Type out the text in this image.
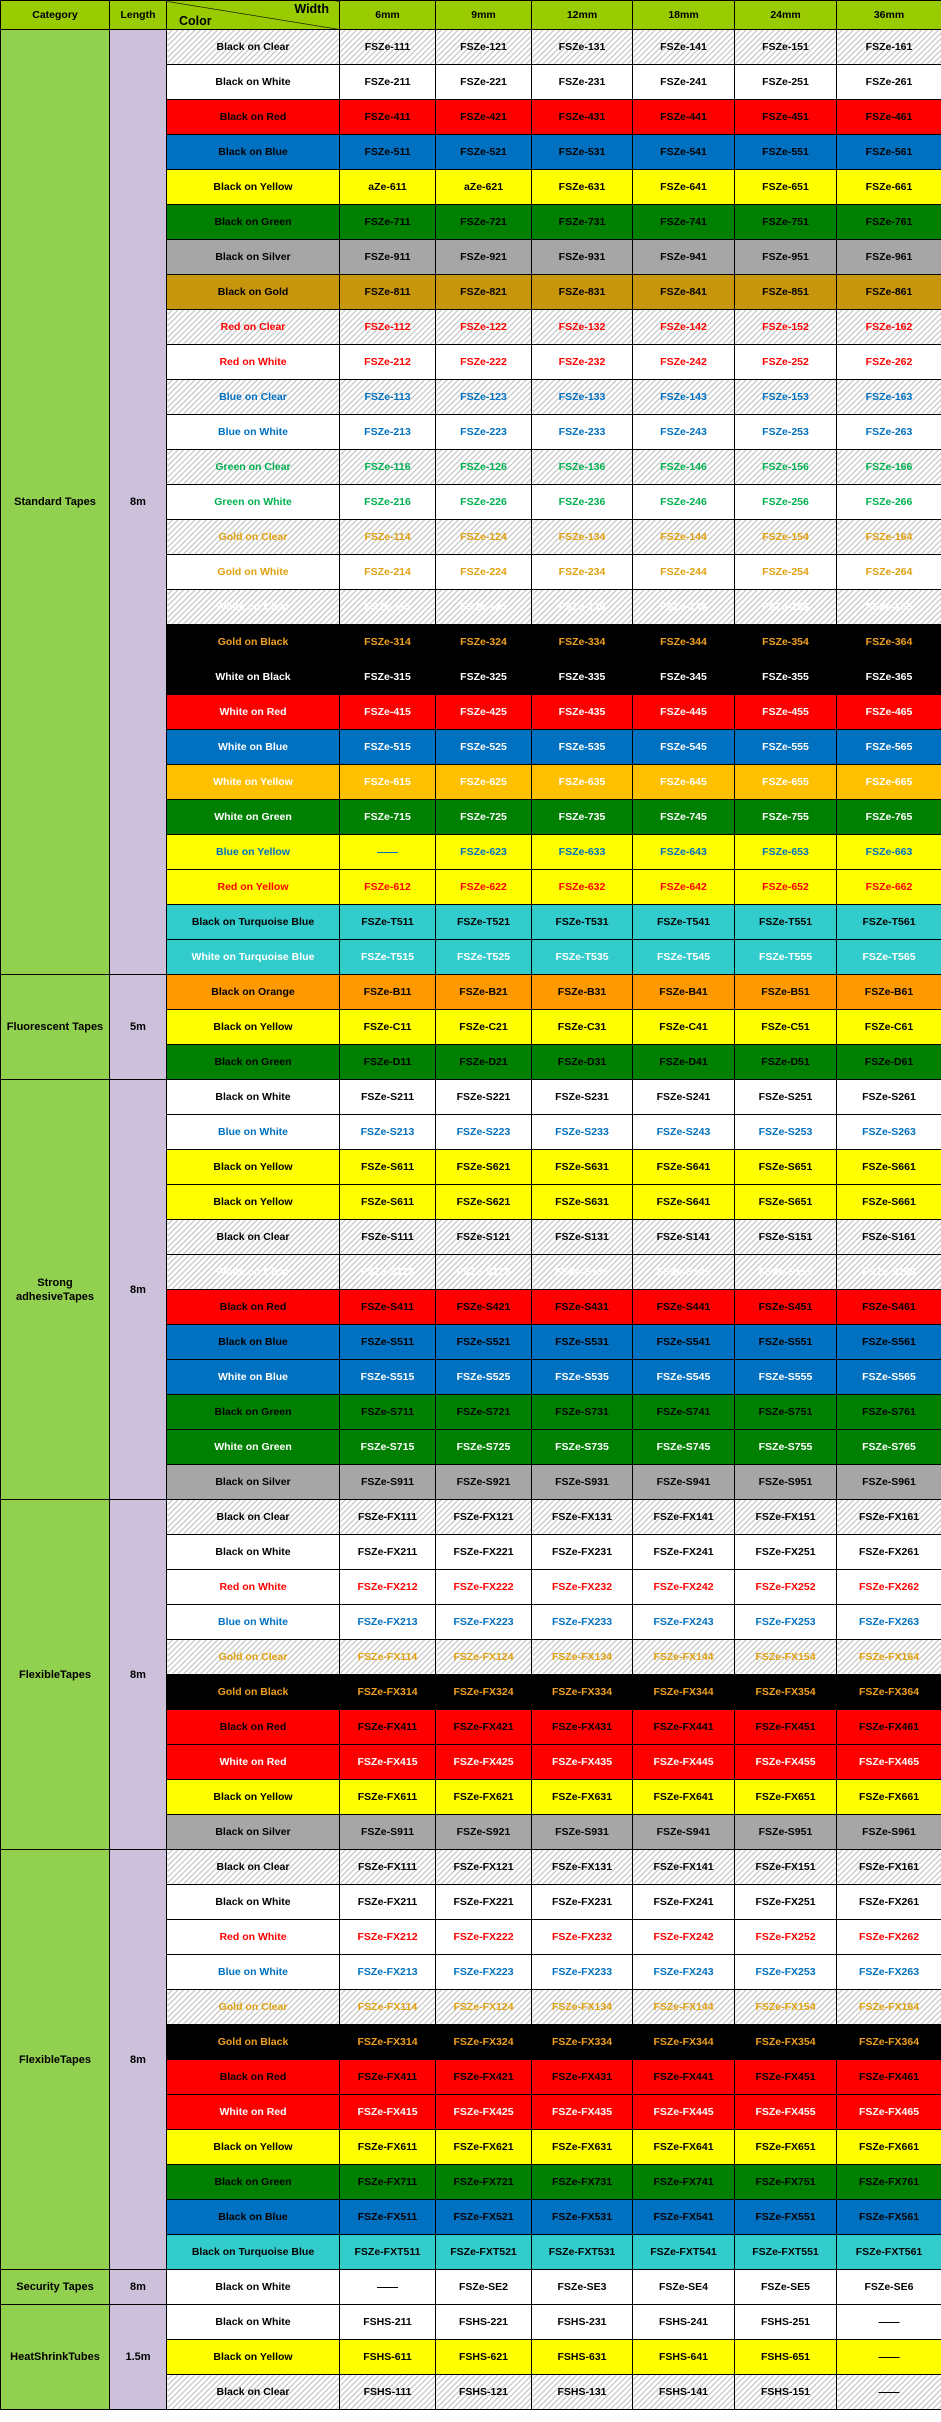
Category	Length	Width
Color	6mm	9mm	12mm	18mm	24mm	36mm
Standard Tapes	8m	Black on Clear	FSZe-111	FSZe-121	FSZe-131	FSZe-141	FSZe-151	FSZe-161
		Black on White	FSZe-211	FSZe-221	FSZe-231	FSZe-241	FSZe-251	FSZe-261
		Black on Red	FSZe-411	FSZe-421	FSZe-431	FSZe-441	FSZe-451	FSZe-461
		Black on Blue	FSZe-511	FSZe-521	FSZe-531	FSZe-541	FSZe-551	FSZe-561
		Black on Yellow	aZe-611	aZe-621	FSZe-631	FSZe-641	FSZe-651	FSZe-661
		Black on Green	FSZe-711	FSZe-721	FSZe-731	FSZe-741	FSZe-751	FSZe-761
		Black on Silver	FSZe-911	FSZe-921	FSZe-931	FSZe-941	FSZe-951	FSZe-961
		Black on Gold	FSZe-811	FSZe-821	FSZe-831	FSZe-841	FSZe-851	FSZe-861
		Red on Clear	FSZe-112	FSZe-122	FSZe-132	FSZe-142	FSZe-152	FSZe-162
		Red on White	FSZe-212	FSZe-222	FSZe-232	FSZe-242	FSZe-252	FSZe-262
		Blue on Clear	FSZe-113	FSZe-123	FSZe-133	FSZe-143	FSZe-153	FSZe-163
		Blue on White	FSZe-213	FSZe-223	FSZe-233	FSZe-243	FSZe-253	FSZe-263
		Green on Clear	FSZe-116	FSZe-126	FSZe-136	FSZe-146	FSZe-156	FSZe-166
		Green on White	FSZe-216	FSZe-226	FSZe-236	FSZe-246	FSZe-256	FSZe-266
		Gold on Clear	FSZe-114	FSZe-124	FSZe-134	FSZe-144	FSZe-154	FSZe-164
		Gold on White	FSZe-214	FSZe-224	FSZe-234	FSZe-244	FSZe-254	FSZe-264
		White on Clear	FSZe-115	FSZe-125	FSZe-135	FSZe-145	FSZe-155	FSZe-165
		Gold on Black	FSZe-314	FSZe-324	FSZe-334	FSZe-344	FSZe-354	FSZe-364
		White on Black	FSZe-315	FSZe-325	FSZe-335	FSZe-345	FSZe-355	FSZe-365
		White on Red	FSZe-415	FSZe-425	FSZe-435	FSZe-445	FSZe-455	FSZe-465
		White on Blue	FSZe-515	FSZe-525	FSZe-535	FSZe-545	FSZe-555	FSZe-565
		White on Yellow	FSZe-615	FSZe-625	FSZe-635	FSZe-645	FSZe-655	FSZe-665
		White on Green	FSZe-715	FSZe-725	FSZe-735	FSZe-745	FSZe-755	FSZe-765
		Blue on Yellow	——	FSZe-623	FSZe-633	FSZe-643	FSZe-653	FSZe-663
		Red on Yellow	FSZe-612	FSZe-622	FSZe-632	FSZe-642	FSZe-652	FSZe-662
		Black on Turquoise Blue	FSZe-T511	FSZe-T521	FSZe-T531	FSZe-T541	FSZe-T551	FSZe-T561
		White on Turquoise Blue	FSZe-T515	FSZe-T525	FSZe-T535	FSZe-T545	FSZe-T555	FSZe-T565
Fluorescent Tapes	5m	Black on Orange	FSZe-B11	FSZe-B21	FSZe-B31	FSZe-B41	FSZe-B51	FSZe-B61
		Black on Yellow	FSZe-C11	FSZe-C21	FSZe-C31	FSZe-C41	FSZe-C51	FSZe-C61
		Black on Green	FSZe-D11	FSZe-D21	FSZe-D31	FSZe-D41	FSZe-D51	FSZe-D61
Strong adhesiveTapes	8m	Black on White	FSZe-S211	FSZe-S221	FSZe-S231	FSZe-S241	FSZe-S251	FSZe-S261
		Blue on White	FSZe-S213	FSZe-S223	FSZe-S233	FSZe-S243	FSZe-S253	FSZe-S263
		Black on Yellow	FSZe-S611	FSZe-S621	FSZe-S631	FSZe-S641	FSZe-S651	FSZe-S661
		Black on Yellow	FSZe-S611	FSZe-S621	FSZe-S631	FSZe-S641	FSZe-S651	FSZe-S661
		Black on Clear	FSZe-S111	FSZe-S121	FSZe-S131	FSZe-S141	FSZe-S151	FSZe-S161
		White on Clear	FSZe-S115	FSZe-S125	FSZe-S135	FSZe-S145	FSZe-S155	FSZe-S165
		Black on Red	FSZe-S411	FSZe-S421	FSZe-S431	FSZe-S441	FSZe-S451	FSZe-S461
		Black on Blue	FSZe-S511	FSZe-S521	FSZe-S531	FSZe-S541	FSZe-S551	FSZe-S561
		White on Blue	FSZe-S515	FSZe-S525	FSZe-S535	FSZe-S545	FSZe-S555	FSZe-S565
		Black on Green	FSZe-S711	FSZe-S721	FSZe-S731	FSZe-S741	FSZe-S751	FSZe-S761
		White on Green	FSZe-S715	FSZe-S725	FSZe-S735	FSZe-S745	FSZe-S755	FSZe-S765
		Black on Silver	FSZe-S911	FSZe-S921	FSZe-S931	FSZe-S941	FSZe-S951	FSZe-S961
FlexibleTapes	8m	Black on Clear	FSZe-FX111	FSZe-FX121	FSZe-FX131	FSZe-FX141	FSZe-FX151	FSZe-FX161
		Black on White	FSZe-FX211	FSZe-FX221	FSZe-FX231	FSZe-FX241	FSZe-FX251	FSZe-FX261
		Red on White	FSZe-FX212	FSZe-FX222	FSZe-FX232	FSZe-FX242	FSZe-FX252	FSZe-FX262
		Blue on White	FSZe-FX213	FSZe-FX223	FSZe-FX233	FSZe-FX243	FSZe-FX253	FSZe-FX263
		Gold on Clear	FSZe-FX114	FSZe-FX124	FSZe-FX134	FSZe-FX144	FSZe-FX154	FSZe-FX164
		Gold on Black	FSZe-FX314	FSZe-FX324	FSZe-FX334	FSZe-FX344	FSZe-FX354	FSZe-FX364
		Black on Red	FSZe-FX411	FSZe-FX421	FSZe-FX431	FSZe-FX441	FSZe-FX451	FSZe-FX461
		White on Red	FSZe-FX415	FSZe-FX425	FSZe-FX435	FSZe-FX445	FSZe-FX455	FSZe-FX465
		Black on Yellow	FSZe-FX611	FSZe-FX621	FSZe-FX631	FSZe-FX641	FSZe-FX651	FSZe-FX661
		Black on Silver	FSZe-S911	FSZe-S921	FSZe-S931	FSZe-S941	FSZe-S951	FSZe-S961
FlexibleTapes	8m	Black on Clear	FSZe-FX111	FSZe-FX121	FSZe-FX131	FSZe-FX141	FSZe-FX151	FSZe-FX161
		Black on White	FSZe-FX211	FSZe-FX221	FSZe-FX231	FSZe-FX241	FSZe-FX251	FSZe-FX261
		Red on White	FSZe-FX212	FSZe-FX222	FSZe-FX232	FSZe-FX242	FSZe-FX252	FSZe-FX262
		Blue on White	FSZe-FX213	FSZe-FX223	FSZe-FX233	FSZe-FX243	FSZe-FX253	FSZe-FX263
		Gold on Clear	FSZe-FX114	FSZe-FX124	FSZe-FX134	FSZe-FX144	FSZe-FX154	FSZe-FX164
		Gold on Black	FSZe-FX314	FSZe-FX324	FSZe-FX334	FSZe-FX344	FSZe-FX354	FSZe-FX364
		Black on Red	FSZe-FX411	FSZe-FX421	FSZe-FX431	FSZe-FX441	FSZe-FX451	FSZe-FX461
		White on Red	FSZe-FX415	FSZe-FX425	FSZe-FX435	FSZe-FX445	FSZe-FX455	FSZe-FX465
		Black on Yellow	FSZe-FX611	FSZe-FX621	FSZe-FX631	FSZe-FX641	FSZe-FX651	FSZe-FX661
		Black on Green	FSZe-FX711	FSZe-FX721	FSZe-FX731	FSZe-FX741	FSZe-FX751	FSZe-FX761
		Black on Blue	FSZe-FX511	FSZe-FX521	FSZe-FX531	FSZe-FX541	FSZe-FX551	FSZe-FX561
		Black on Turquoise Blue	FSZe-FXT511	FSZe-FXT521	FSZe-FXT531	FSZe-FXT541	FSZe-FXT551	FSZe-FXT561
Security Tapes	8m	Black on White	——	FSZe-SE2	FSZe-SE3	FSZe-SE4	FSZe-SE5	FSZe-SE6
HeatShrinkTubes	1.5m	Black on White	FSHS-211	FSHS-221	FSHS-231	FSHS-241	FSHS-251	——
		Black on Yellow	FSHS-611	FSHS-621	FSHS-631	FSHS-641	FSHS-651	——
		Black on Clear	FSHS-111	FSHS-121	FSHS-131	FSHS-141	FSHS-151	——
